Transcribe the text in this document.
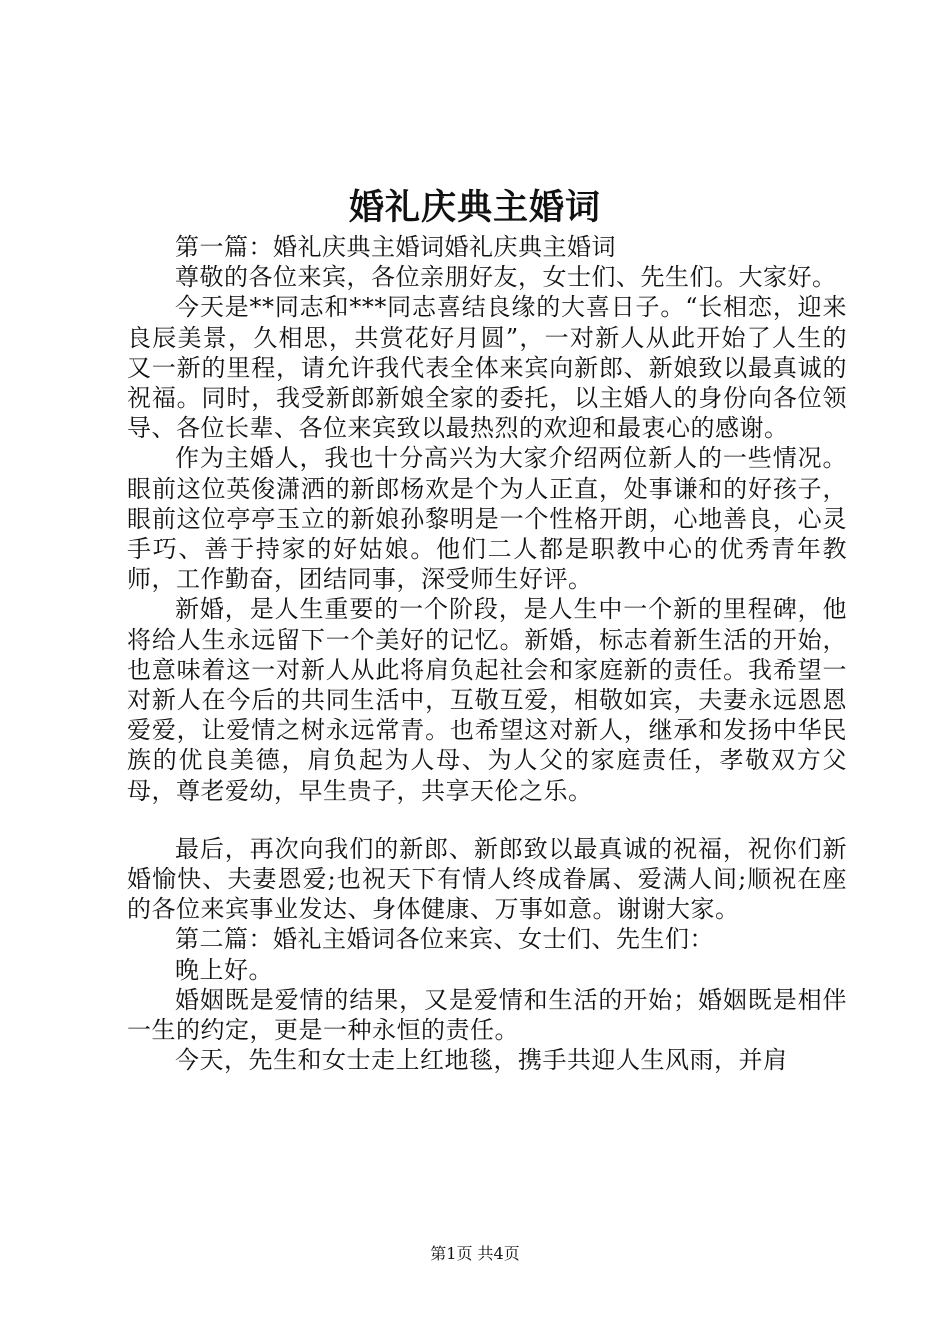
婚礼庆典主婚词

第一篇：婚礼庆典主婚词婚礼庆典主婚词

尊敬的各位来宾，各位亲朋好友，女士们、先生们。大家好。

今天是**同志和***同志喜结良缘的大喜日子。“长相恋，迎来良辰美景，久相思，共赏花好月圆”，一对新人从此开始了人生的又一新的里程，请允许我代表全体来宾向新郎、新娘致以最真诚的祝福。同时，我受新郎新娘全家的委托，以主婚人的身份向各位领导、各位长辈、各位来宾致以最热烈的欢迎和最衷心的感谢。

作为主婚人，我也十分高兴为大家介绍两位新人的一些情况。眼前这位英俊潇洒的新郎杨欢是个为人正直，处事谦和的好孩子，眼前这位亭亭玉立的新娘孙黎明是一个性格开朗，心地善良，心灵手巧、善于持家的好姑娘。他们二人都是职教中心的优秀青年教师，工作勤奋，团结同事，深受师生好评。

新婚，是人生重要的一个阶段，是人生中一个新的里程碑，他将给人生永远留下一个美好的记忆。新婚，标志着新生活的开始，也意味着这一对新人从此将肩负起社会和家庭新的责任。我希望一对新人在今后的共同生活中，互敬互爱，相敬如宾，夫妻永远恩恩爱爱，让爱情之树永远常青。也希望这对新人，继承和发扬中华民族的优良美德，肩负起为人母、为人父的家庭责任，孝敬双方父母，尊老爱幼，早生贵子，共享天伦之乐。

最后，再次向我们的新郎、新郎致以最真诚的祝福，祝你们新婚愉快、夫妻恩爱;也祝天下有情人终成眷属、爱满人间;顺祝在座的各位来宾事业发达、身体健康、万事如意。谢谢大家。

第二篇：婚礼主婚词各位来宾、女士们、先生们：

晚上好。

婚姻既是爱情的结果，又是爱情和生活的开始；婚姻既是相伴一生的约定，更是一种永恒的责任。

今天，先生和女士走上红地毯，携手共迎人生风雨，并肩

第1页 共4页
